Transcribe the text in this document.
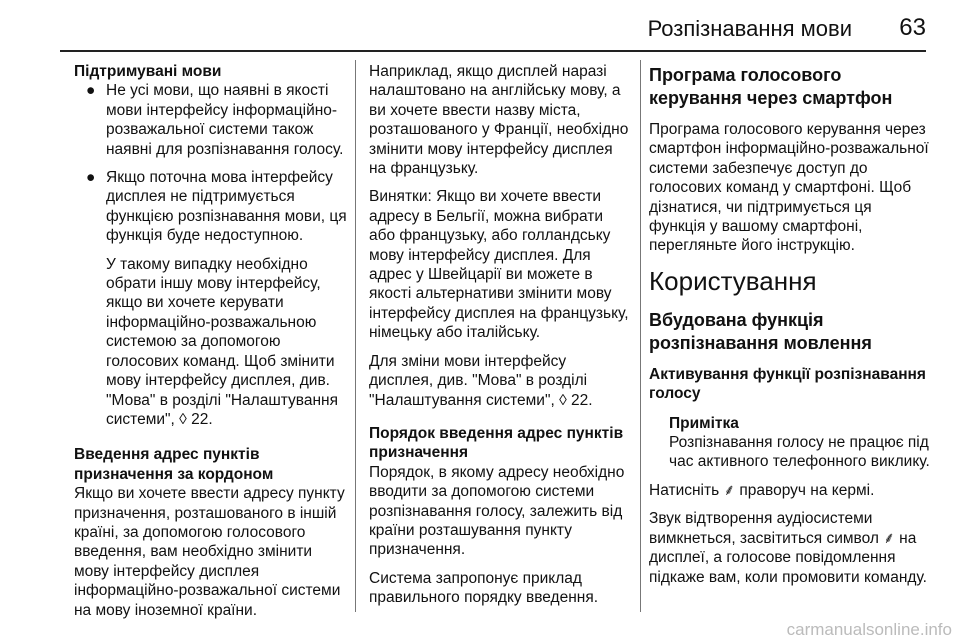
Розпізнавання мови 63
Підтримувані мови
● Не усі мови, що наявні в якості мови інтерфейсу інформаційно-розважальної системи також наявні для розпізнавання голосу.
● Якщо поточна мова інтерфейсу дисплея не підтримується функцією розпізнавання мови, ця функція буде недоступною.
У такому випадку необхідно обрати іншу мову інтерфейсу, якщо ви хочете керувати інформаційно-розважальною системою за допомогою голосових команд. Щоб змінити мову інтерфейсу дисплея, див. "Мова" в розділі "Налаштування системи", ◊ 22.
Введення адрес пунктів призначення за кордоном
Якщо ви хочете ввести адресу пункту призначення, розташованого в іншій країні, за допомогою голосового введення, вам необхідно змінити мову інтерфейсу дисплея інформаційно-розважальної системи на мову іноземної країни.
Наприклад, якщо дисплей наразі налаштовано на англійську мову, а ви хочете ввести назву міста, розташованого у Франції, необхідно змінити мову інтерфейсу дисплея на французьку.
Винятки: Якщо ви хочете ввести адресу в Бельгії, можна вибрати або французьку, або голландську мову інтерфейсу дисплея. Для адрес у Швейцарії ви можете в якості альтернативи змінити мову інтерфейсу дисплея на французьку, німецьку або італійську.
Для зміни мови інтерфейсу дисплея, див. "Мова" в розділі "Налаштування системи", ◊ 22.
Порядок введення адрес пунктів призначення
Порядок, в якому адресу необхідно вводити за допомогою системи розпізнавання голосу, залежить від країни розташування пункту призначення.
Система запропонує приклад правильного порядку введення.
Програма голосового керування через смартфон
Програма голосового керування через смартфон інформаційно-розважальної системи забезпечує доступ до голосових команд у смартфоні. Щоб дізнатися, чи підтримується ця функція у вашому смартфоні, перегляньте його інструкцію.
Користування
Вбудована функція розпізнавання мовлення
Активування функції розпізнавання голосу
Примітка
Розпізнавання голосу не працює під час активного телефонного виклику.
Натисніть ⸙ праворуч на кермі.
Звук відтворення аудіосистеми вимкнеться, засвітиться символ ⸙ на дисплеї, а голосове повідомлення підкаже вам, коли промовити команду.
carmanualsonline.info
